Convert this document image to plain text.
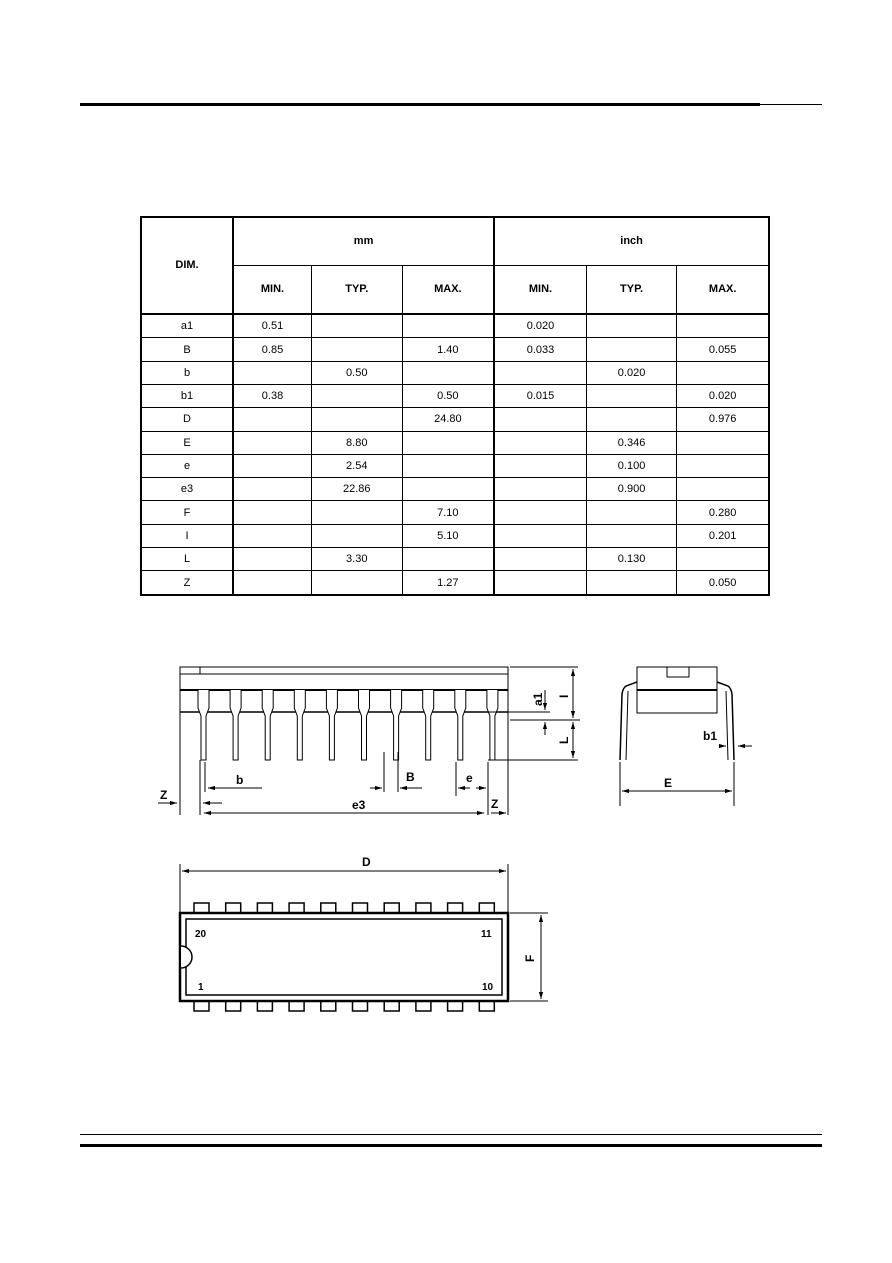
DIM.	mm			inch		
	MIN.	TYP.	MAX.	MIN.	TYP.	MAX.
a1	0.51			0.020		
B	0.85		1.40	0.033		0.055
b		0.50			0.020	
b1	0.38		0.50	0.015		0.020
D			24.80			0.976
E		8.80			0.346	
e		2.54			0.100	
e3		22.86			0.900	
F			7.10			0.280
I			5.10			0.201
L		3.30			0.130	
Z			1.27			0.050
Z
b	B	e
e3	Z
a1 I
L	b1
E
D
F
20	11
1	10
